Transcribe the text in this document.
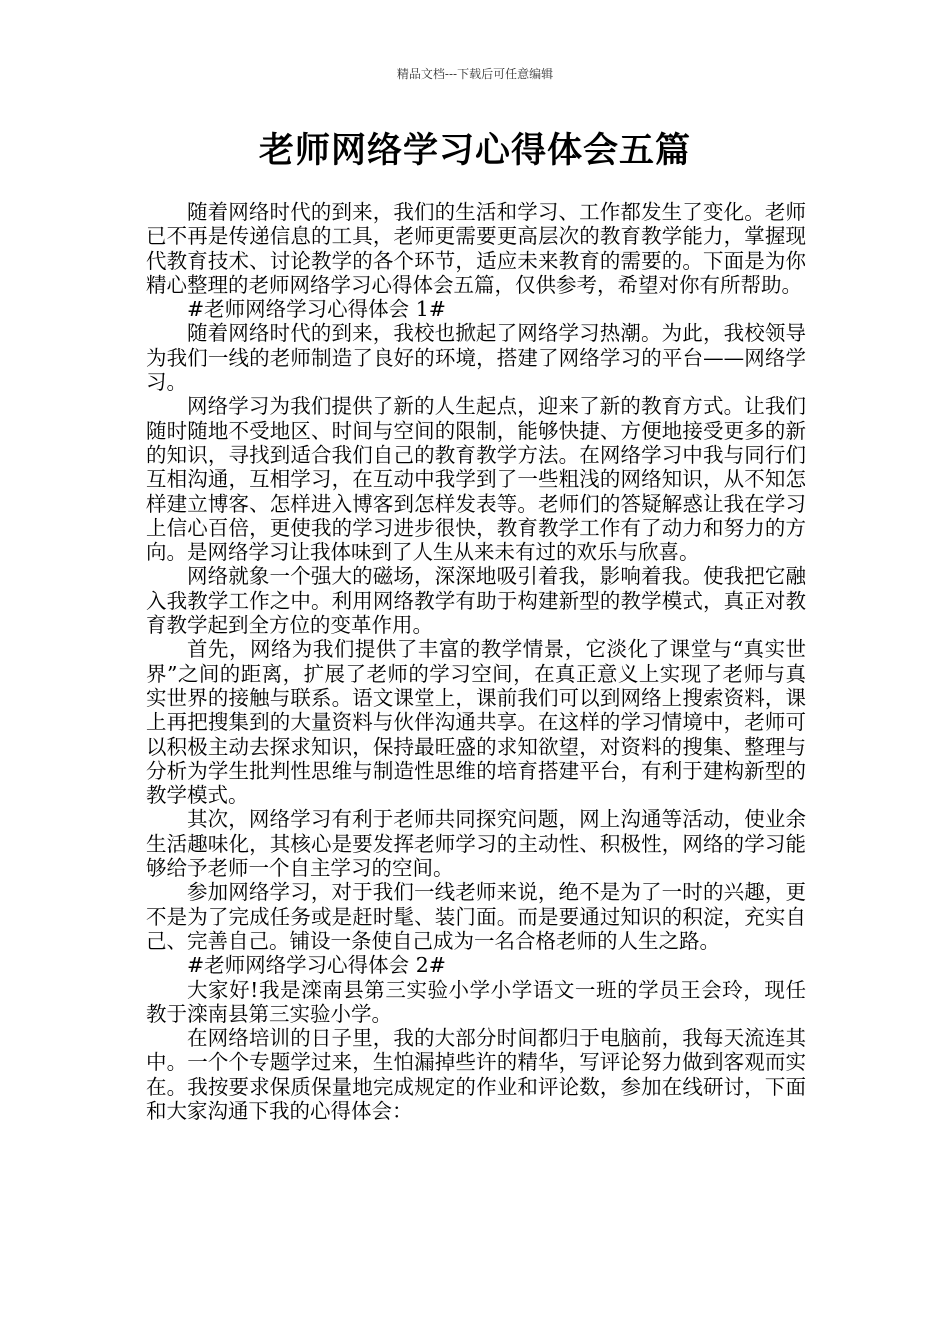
精品文档---下载后可任意编辑
老师网络学习心得体会五篇

随着网络时代的到来，我们的生活和学习、工作都发生了变化。老师已不再是传递信息的工具，老师更需要更高层次的教育教学能力，掌握现代教育技术、讨论教学的各个环节，适应未来教育的需要的。下面是为你精心整理的老师网络学习心得体会五篇，仅供参考，希望对你有所帮助。

#老师网络学习心得体会 1#

随着网络时代的到来，我校也掀起了网络学习热潮。为此，我校领导为我们一线的老师制造了良好的环境，搭建了网络学习的平台——网络学习。

网络学习为我们提供了新的人生起点，迎来了新的教育方式。让我们随时随地不受地区、时间与空间的限制，能够快捷、方便地接受更多的新的知识，寻找到适合我们自己的教育教学方法。在网络学习中我与同行们互相沟通，互相学习，在互动中我学到了一些粗浅的网络知识，从不知怎样建立博客、怎样进入博客到怎样发表等。老师们的答疑解惑让我在学习上信心百倍，更使我的学习进步很快，教育教学工作有了动力和努力的方向。是网络学习让我体味到了人生从来未有过的欢乐与欣喜。

网络就象一个强大的磁场，深深地吸引着我，影响着我。使我把它融入我教学工作之中。利用网络教学有助于构建新型的教学模式，真正对教育教学起到全方位的变革作用。

首先，网络为我们提供了丰富的教学情景，它淡化了课堂与“真实世界”之间的距离，扩展了老师的学习空间，在真正意义上实现了老师与真实世界的接触与联系。语文课堂上，课前我们可以到网络上搜索资料，课上再把搜集到的大量资料与伙伴沟通共享。在这样的学习情境中，老师可以积极主动去探求知识，保持最旺盛的求知欲望，对资料的搜集、整理与分析为学生批判性思维与制造性思维的培育搭建平台，有利于建构新型的教学模式。

其次，网络学习有利于老师共同探究问题，网上沟通等活动，使业余生活趣味化，其核心是要发挥老师学习的主动性、积极性，网络的学习能够给予老师一个自主学习的空间。

参加网络学习，对于我们一线老师来说，绝不是为了一时的兴趣，更不是为了完成任务或是赶时髦、装门面。而是要通过知识的积淀，充实自己、完善自己。铺设一条使自己成为一名合格老师的人生之路。

#老师网络学习心得体会 2#

大家好!我是滦南县第三实验小学小学语文一班的学员王会玲，现任教于滦南县第三实验小学。

在网络培训的日子里，我的大部分时间都归于电脑前，我每天流连其中。一个个专题学过来，生怕漏掉些许的精华，写评论努力做到客观而实在。我按要求保质保量地完成规定的作业和评论数，参加在线研讨，下面和大家沟通下我的心得体会：
